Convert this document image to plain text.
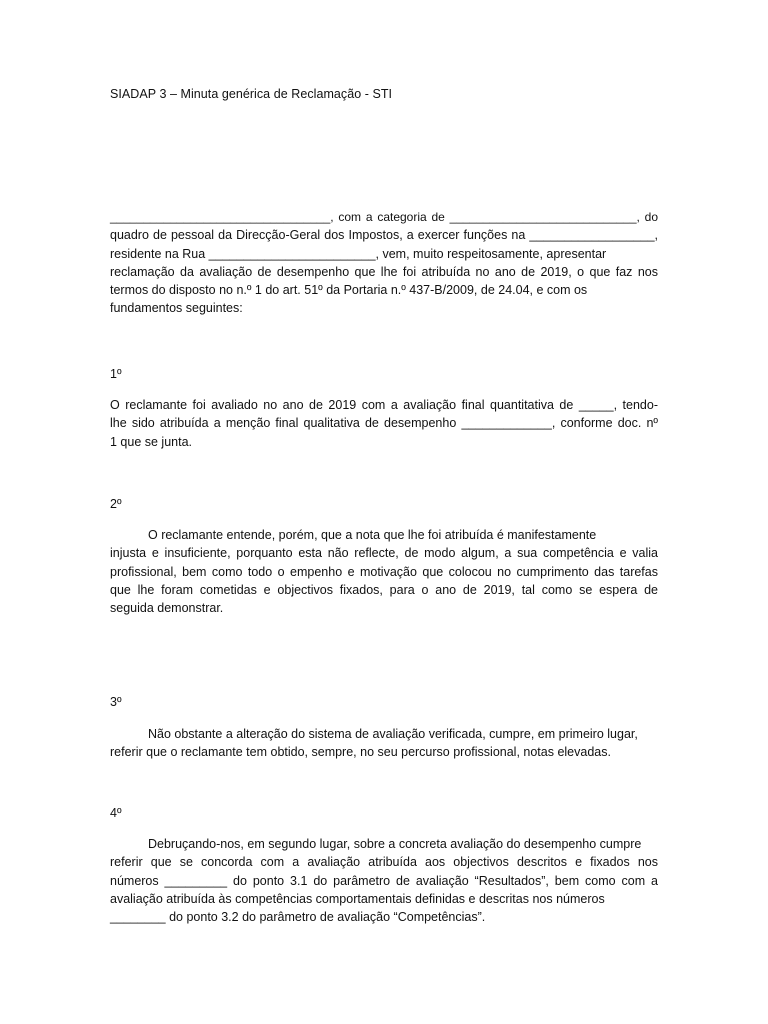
SIADAP 3 – Minuta genérica de Reclamação - STI
_________________________________, com a categoria de ____________________________, do
quadro de pessoal da Direcção-Geral dos Impostos, a exercer funções na __________________,
residente na Rua ________________________, vem, muito respeitosamente, apresentar
reclamação da avaliação de desempenho que lhe foi atribuída no ano de 2019, o que faz nos
termos do disposto no n.º 1 do art. 51º da Portaria n.º 437-B/2009, de 24.04, e com os
fundamentos seguintes:
1º
O reclamante foi avaliado no ano de 2019 com a avaliação final quantitativa de _____, tendo-
lhe sido atribuída a menção final qualitativa de desempenho _____________, conforme doc. nº
1 que se junta.
2º
O reclamante entende, porém, que a nota que lhe foi atribuída é manifestamente
injusta e insuficiente, porquanto esta não reflecte, de modo algum, a sua competência e valia
profissional, bem como todo o empenho e motivação que colocou no cumprimento das tarefas
que lhe foram cometidas e objectivos fixados, para o ano de 2019, tal como se espera de
seguida demonstrar.
3º
Não obstante a alteração do sistema de avaliação verificada, cumpre, em primeiro lugar,
referir que o reclamante tem obtido, sempre, no seu percurso profissional, notas elevadas.
4º
Debruçando-nos, em segundo lugar, sobre a concreta avaliação do desempenho cumpre
referir que se concorda com a avaliação atribuída aos objectivos descritos e fixados nos
números _________ do ponto 3.1 do parâmetro de avaliação “Resultados”, bem como com a
avaliação atribuída às competências comportamentais definidas e descritas nos números
________ do ponto 3.2 do parâmetro de avaliação “Competências”.
